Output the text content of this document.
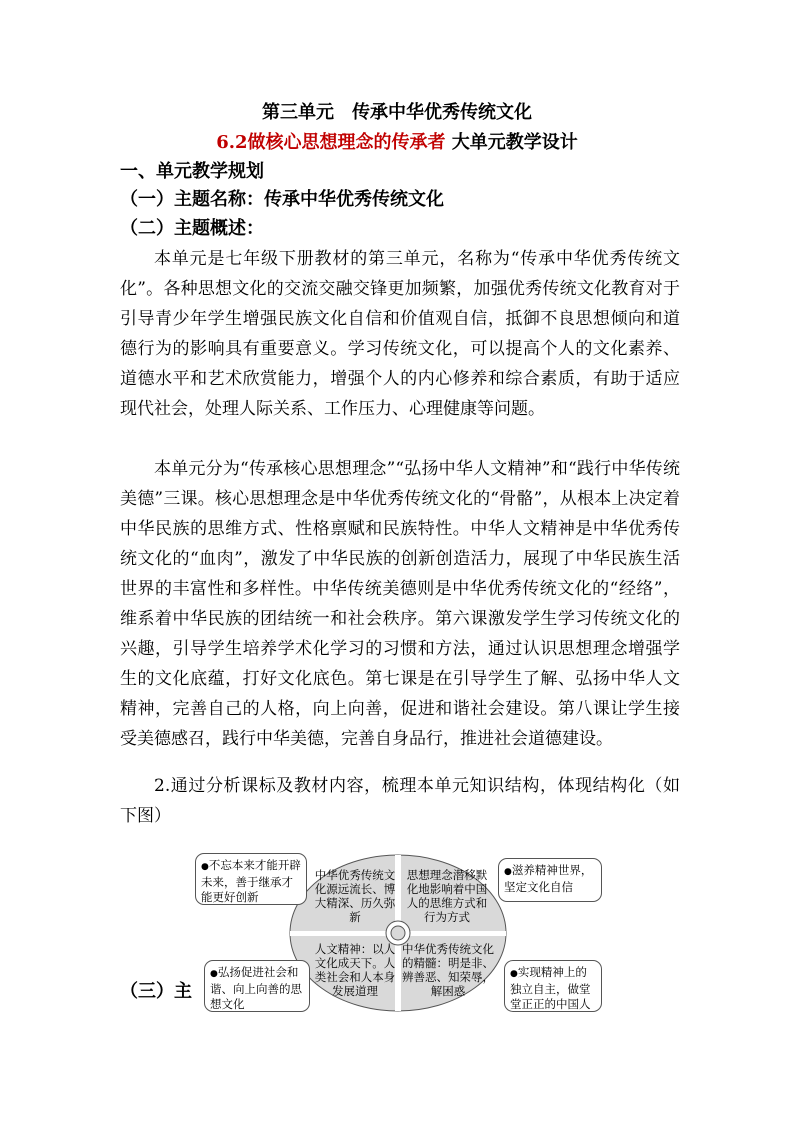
第三单元　传承中华优秀传统文化
6.2做核心思想理念的传承者 大单元教学设计
一、单元教学规划
（一）主题名称：传承中华优秀传统文化
（二）主题概述：

本单元是七年级下册教材的第三单元，名称为“传承中华优秀传统文化”。各种思想文化的交流交融交锋更加频繁，加强优秀传统文化教育对于引导青少年学生增强民族文化自信和价值观自信，抵御不良思想倾向和道德行为的影响具有重要意义。学习传统文化，可以提高个人的文化素养、道德水平和艺术欣赏能力，增强个人的内心修养和综合素质，有助于适应现代社会，处理人际关系、工作压力、心理健康等问题。

本单元分为“传承核心思想理念”“弘扬中华人文精神”和“践行中华传统美德”三课。核心思想理念是中华优秀传统文化的“骨骼”，从根本上决定着中华民族的思维方式、性格禀赋和民族特性。中华人文精神是中华优秀传统文化的“血肉”，激发了中华民族的创新创造活力，展现了中华民族生活世界的丰富性和多样性。中华传统美德则是中华优秀传统文化的“经络”，维系着中华民族的团结统一和社会秩序。第六课激发学生学习传统文化的兴趣，引导学生培养学术化学习的习惯和方法，通过认识思想理念增强学生的文化底蕴，打好文化底色。第七课是在引导学生了解、弘扬中华人文精神，完善自己的人格，向上向善，促进和谐社会建设。第八课让学生接受美德感召，践行中华美德，完善自身品行，推进社会道德建设。

2.通过分析课标及教材内容，梳理本单元知识结构，体现结构化（如下图）

●不忘本来才能开辟未来，善于继承才能更好创新
●滋养精神世界，坚定文化自信
●弘扬促进社会和谐、向上向善的思想文化
●实现精神上的独立自主，做堂堂正正的中国人
中华优秀传统文化源远流长、博大精深、历久弥新
思想理念潜移默化地影响着中国人的思维方式和行为方式
人文精神：以人文化成天下。人类社会和人本身发展道理
中华优秀传统文化的精髓：明是非、辨善恶、知荣辱，解困惑
（三）主
